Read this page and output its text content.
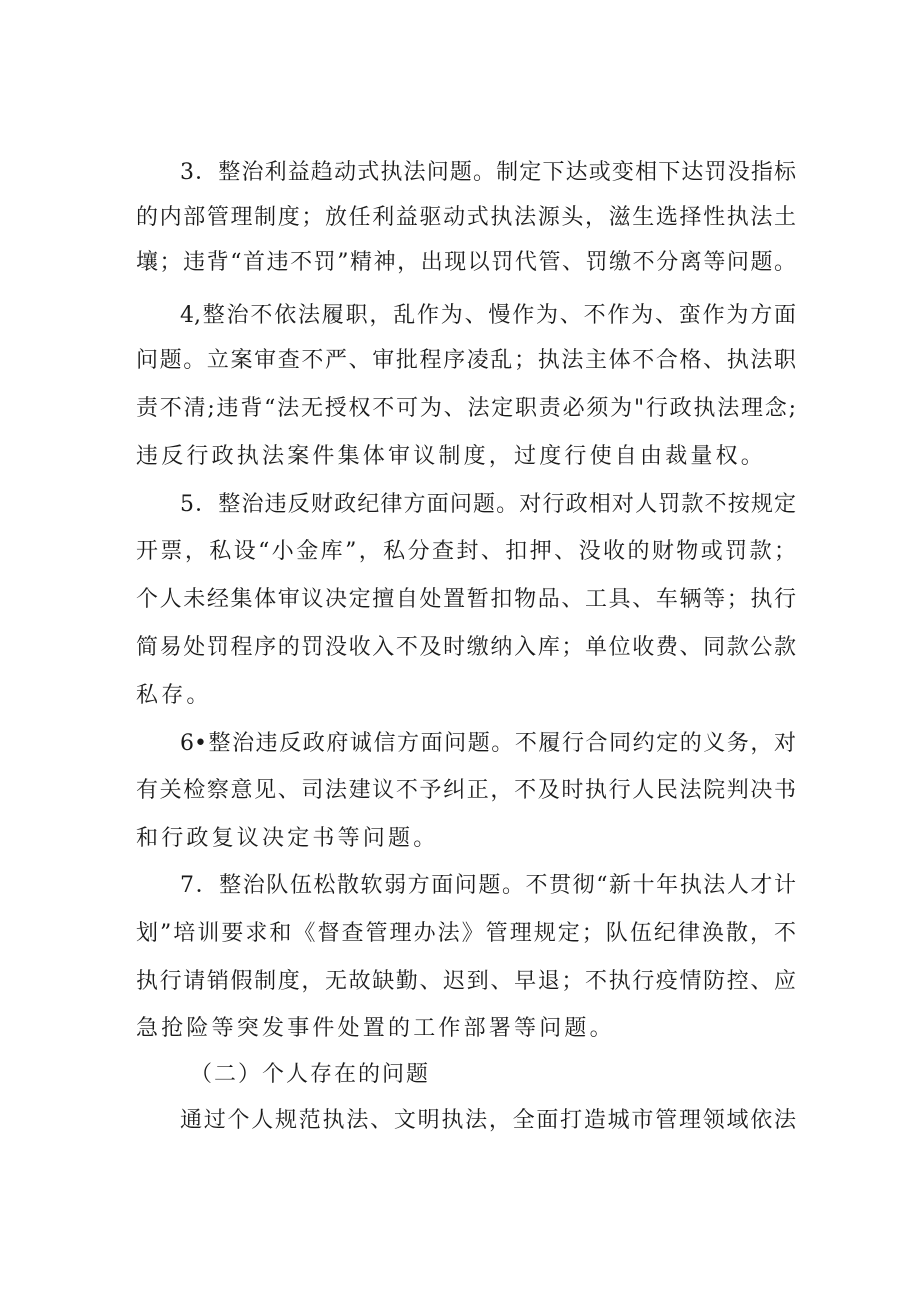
3．整治利益趋动式执法问题。制定下达或变相下达罚没指标
的内部管理制度；放任利益驱动式执法源头，滋生选择性执法土
壤；违背“首违不罚”精神，出现以罚代管、罚缴不分离等问题。
4,整治不依法履职，乱作为、慢作为、不作为、蛮作为方面
问题。立案审查不严、审批程序凌乱；执法主体不合格、执法职
责不清;违背“法无授权不可为、法定职责必须为"行政执法理念;
违反行政执法案件集体审议制度，过度行使自由裁量权。
5．整治违反财政纪律方面问题。对行政相对人罚款不按规定
开票，私设“小金库”，私分查封、扣押、没收的财物或罚款；
个人未经集体审议决定擅自处置暂扣物品、工具、车辆等；执行
简易处罚程序的罚没收入不及时缴纳入库；单位收费、同款公款
私存。
6•整治违反政府诚信方面问题。不履行合同约定的义务，对
有关检察意见、司法建议不予纠正，不及时执行人民法院判决书
和行政复议决定书等问题。
7．整治队伍松散软弱方面问题。不贯彻“新十年执法人才计
划”培训要求和《督查管理办法》管理规定；队伍纪律涣散，不
执行请销假制度，无故缺勤、迟到、早退；不执行疫情防控、应
急抢险等突发事件处置的工作部署等问题。
（二）个人存在的问题
通过个人规范执法、文明执法，全面打造城市管理领域依法
